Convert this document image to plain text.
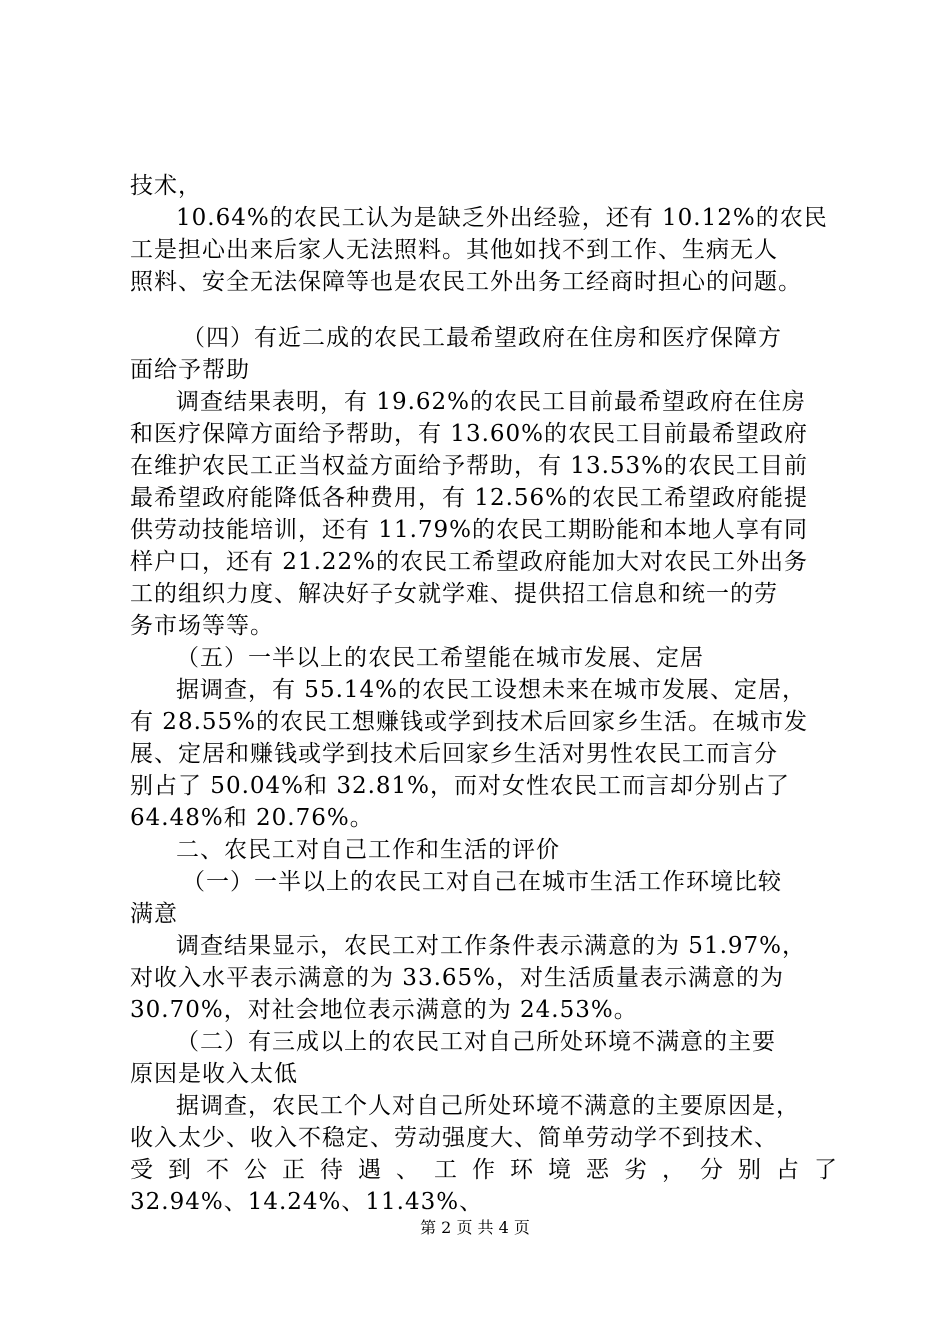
技术，
10.64%的农民工认为是缺乏外出经验，还有 10.12%的农民
工是担心出来后家人无法照料。其他如找不到工作、生病无人
照料、安全无法保障等也是农民工外出务工经商时担心的问题。
（四）有近二成的农民工最希望政府在住房和医疗保障方
面给予帮助
调查结果表明，有 19.62%的农民工目前最希望政府在住房
和医疗保障方面给予帮助，有 13.60%的农民工目前最希望政府
在维护农民工正当权益方面给予帮助，有 13.53%的农民工目前
最希望政府能降低各种费用，有 12.56%的农民工希望政府能提
供劳动技能培训，还有 11.79%的农民工期盼能和本地人享有同
样户口，还有 21.22%的农民工希望政府能加大对农民工外出务
工的组织力度、解决好子女就学难、提供招工信息和统一的劳
务市场等等。
（五）一半以上的农民工希望能在城市发展、定居
据调查，有 55.14%的农民工设想未来在城市发展、定居，
有 28.55%的农民工想赚钱或学到技术后回家乡生活。在城市发
展、定居和赚钱或学到技术后回家乡生活对男性农民工而言分
别占了 50.04%和 32.81%，而对女性农民工而言却分别占了
64.48%和 20.76%。
二、农民工对自己工作和生活的评价
（一）一半以上的农民工对自己在城市生活工作环境比较
满意
调查结果显示，农民工对工作条件表示满意的为 51.97%，
对收入水平表示满意的为 33.65%，对生活质量表示满意的为
30.70%，对社会地位表示满意的为 24.53%。
（二）有三成以上的农民工对自己所处环境不满意的主要
原因是收入太低
据调查，农民工个人对自己所处环境不满意的主要原因是，
收入太少、收入不稳定、劳动强度大、简单劳动学不到技术、
受到不公正待遇、工作环境恶劣，分别占了
32.94%、14.24%、11.43%、
第 2 页 共 4 页
